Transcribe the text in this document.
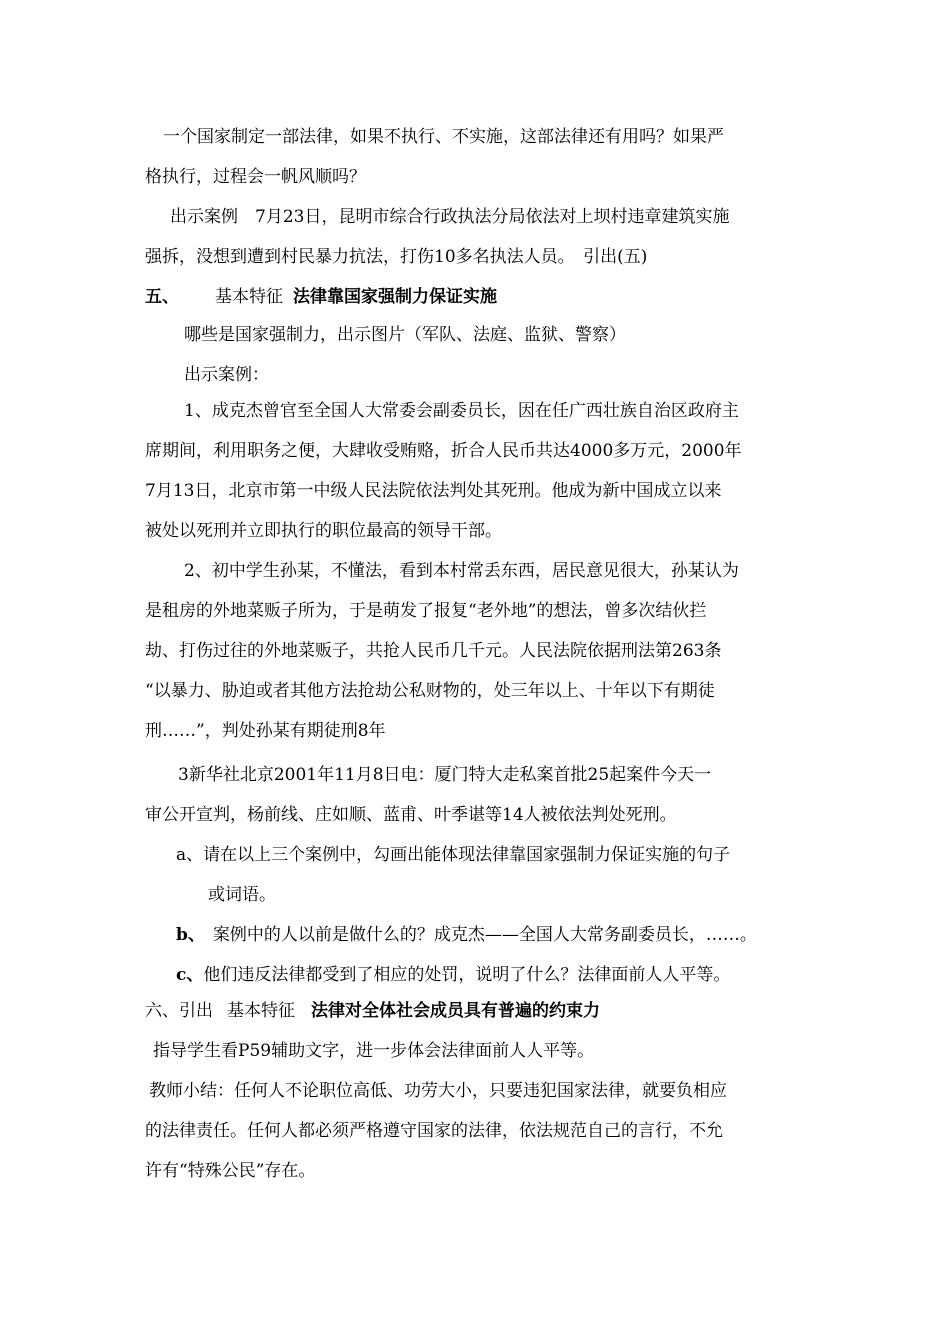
一个国家制定一部法律，如果不执行、不实施，这部法律还有用吗？如果严
格执行，过程会一帆风顺吗？
出示案例　7月23日，昆明市综合行政执法分局依法对上坝村违章建筑实施
强拆，没想到遭到村民暴力抗法，打伤10多名执法人员。　引出(五)
五、 基本特征 法律靠国家强制力保证实施
哪些是国家强制力，出示图片（军队、法庭、监狱、警察）
出示案例：
1、成克杰曾官至全国人大常委会副委员长，因在任广西壮族自治区政府主
席期间，利用职务之便，大肆收受贿赂，折合人民币共达4000多万元，2000年
7月13日，北京市第一中级人民法院依法判处其死刑。他成为新中国成立以来
被处以死刑并立即执行的职位最高的领导干部。
2、初中学生孙某，不懂法，看到本村常丢东西，居民意见很大，孙某认为
是租房的外地菜贩子所为，于是萌发了报复“老外地”的想法，曾多次结伙拦
劫、打伤过往的外地菜贩子，共抢人民币几千元。人民法院依据刑法第263条
“以暴力、胁迫或者其他方法抢劫公私财物的，处三年以上、十年以下有期徒
刑……”，判处孙某有期徒刑8年
3新华社北京2001年11月8日电：厦门特大走私案首批25起案件今天一
审公开宣判，杨前线、庄如顺、蓝甫、叶季谌等14人被依法判处死刑。
a、请在以上三个案例中，勾画出能体现法律靠国家强制力保证实施的句子
或词语。
b、 案例中的人以前是做什么的？成克杰——全国人大常务副委员长，……。
c、他们违反法律都受到了相应的处罚，说明了什么？法律面前人人平等。
六、引出 基本特征 法律对全体社会成员具有普遍的约束力
指导学生看P59辅助文字，进一步体会法律面前人人平等。
教师小结：任何人不论职位高低、功劳大小，只要违犯国家法律，就要负相应
的法律责任。任何人都必须严格遵守国家的法律，依法规范自己的言行，不允
许有“特殊公民”存在。
